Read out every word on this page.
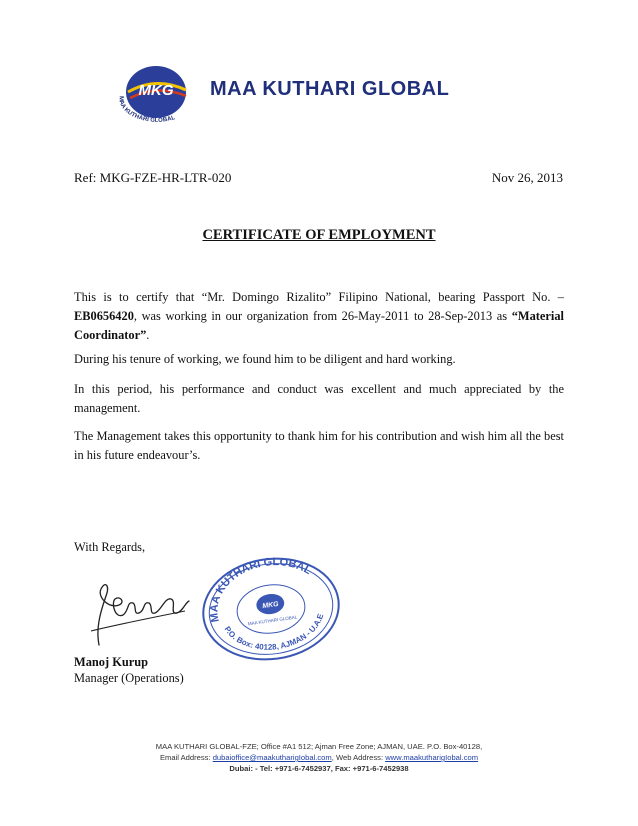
MKG
MAA KUTHARI GLOBAL
MAA KUTHARI GLOBAL
Ref: MKG-FZE-HR-LTR-020	Nov 26, 2013
CERTIFICATE OF EMPLOYMENT
This is to certify that “Mr. Domingo Rizalito” Filipino National, bearing Passport No. – EB0656420, was working in our organization from 26-May-2011 to 28-Sep-2013 as “Material Coordinator”.
During his tenure of working, we found him to be diligent and hard working.
In this period, his performance and conduct was excellent and much appreciated by the management.
The Management takes this opportunity to thank him for his contribution and wish him all the best in his future endeavour’s.
With Regards,
MAA KUTHARI GLOBAL
MKG
MAA KUTHARI GLOBAL
P.O. Box: 40128, AJMAN - U.A.E
Manoj Kurup
Manager (Operations)
MAA KUTHARI GLOBAL-FZE; Office #A1 512; Ajman Free Zone; AJMAN, UAE. P.O. Box-40128,
Email Address: dubaioffice@maakutharigIobal.com, Web Address: www.maakutharigIobal.com
Dubai: - Tel: +971-6-7452937, Fax: +971-6-7452938
